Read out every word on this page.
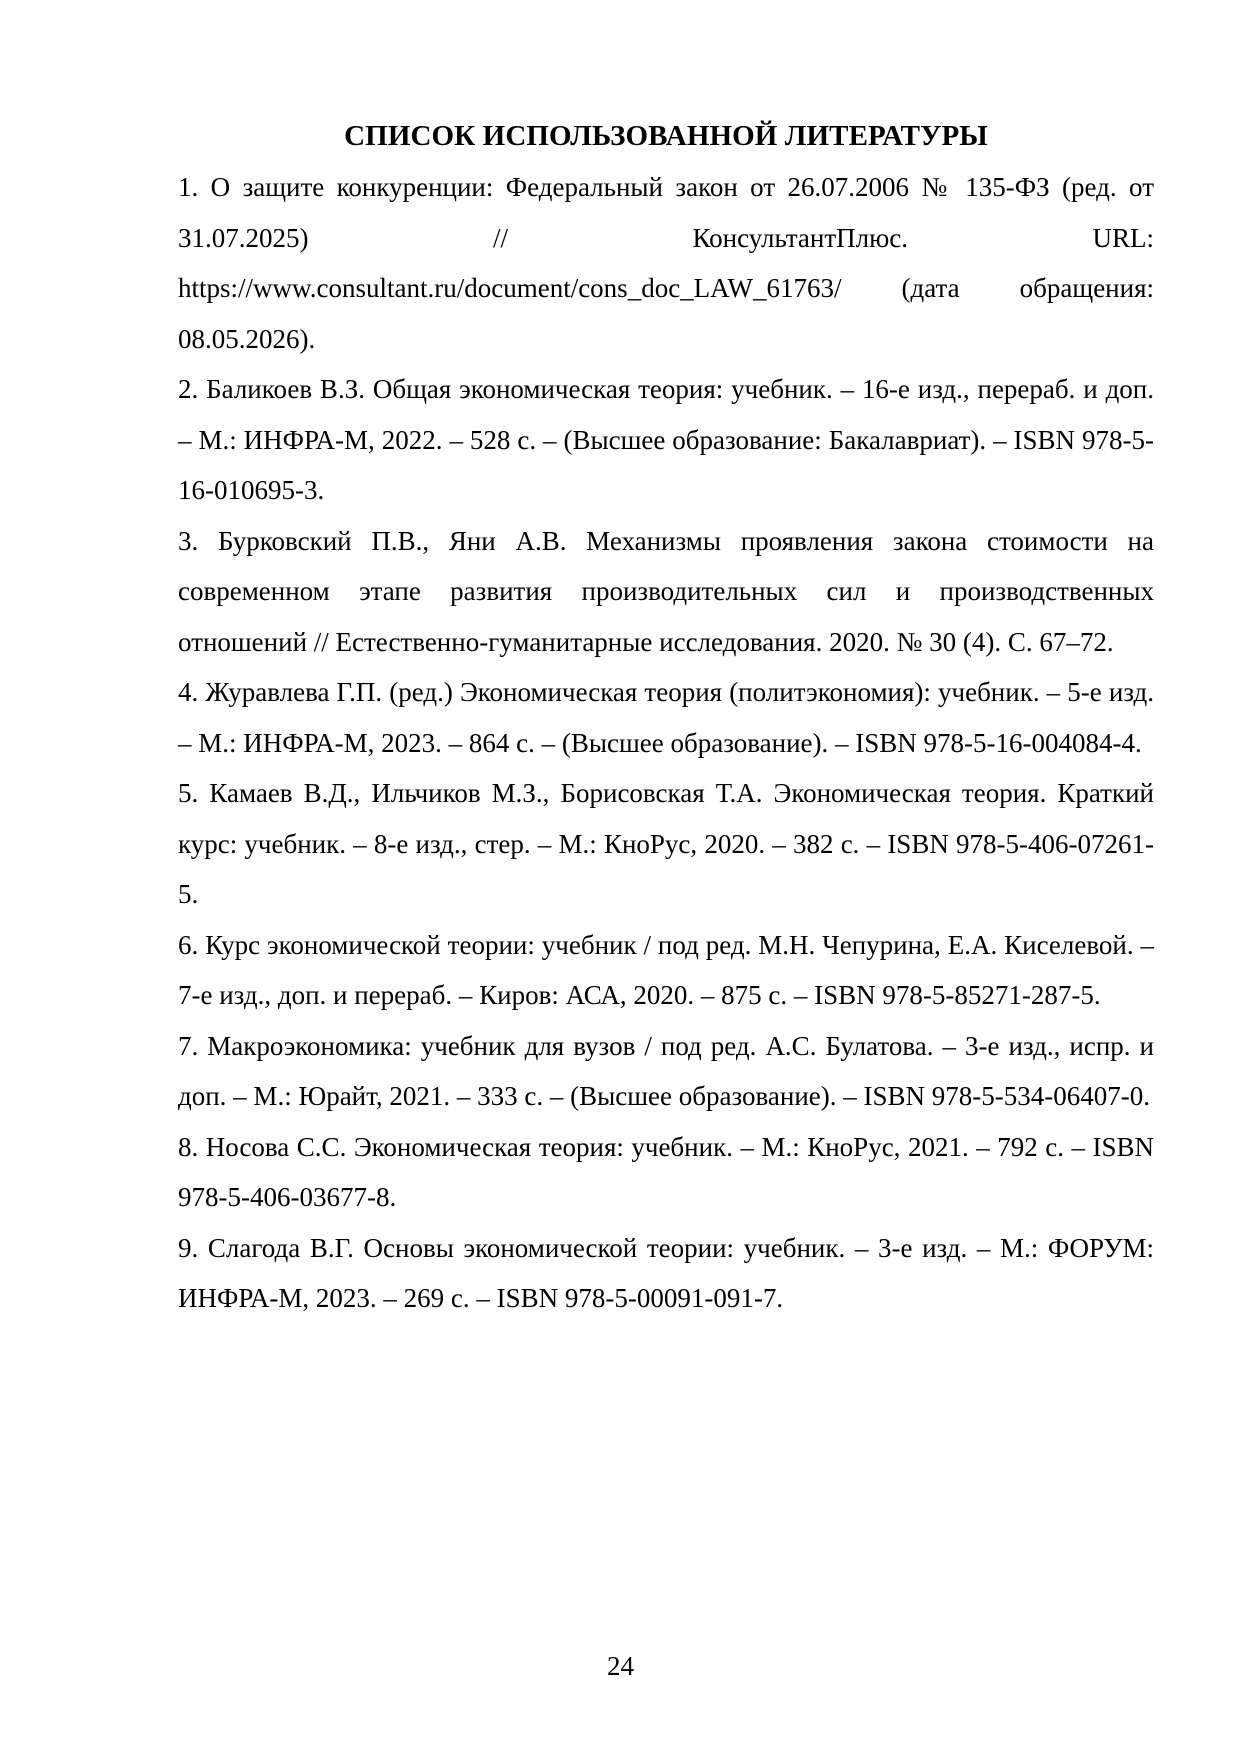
СПИСОК ИСПОЛЬЗОВАННОЙ ЛИТЕРАТУРЫ
1. О защите конкуренции: Федеральный закон от 26.07.2006 № 135-ФЗ (ред. от 31.07.2025) // КонсультантПлюс. URL: https://www.consultant.ru/document/cons_doc_LAW_61763/ (дата обращения: 08.05.2026).
2. Баликоев В.З. Общая экономическая теория: учебник. – 16-е изд., перераб. и доп. – М.: ИНФРА-М, 2022. – 528 с. – (Высшее образование: Бакалавриат). – ISBN 978-5-16-010695-3.
3. Бурковский П.В., Яни А.В. Механизмы проявления закона стоимости на современном этапе развития производительных сил и производственных отношений // Естественно-гуманитарные исследования. 2020. № 30 (4). С. 67–72.
4. Журавлева Г.П. (ред.) Экономическая теория (политэкономия): учебник. – 5-е изд. – М.: ИНФРА-М, 2023. – 864 с. – (Высшее образование). – ISBN 978-5-16-004084-4.
5. Камаев В.Д., Ильчиков М.З., Борисовская Т.А. Экономическая теория. Краткий курс: учебник. – 8-е изд., стер. – М.: КноРус, 2020. – 382 с. – ISBN 978-5-406-07261-5.
6. Курс экономической теории: учебник / под ред. М.Н. Чепурина, Е.А. Киселевой. – 7-е изд., доп. и перераб. – Киров: АСА, 2020. – 875 с. – ISBN 978-5-85271-287-5.
7. Макроэкономика: учебник для вузов / под ред. А.С. Булатова. – 3-е изд., испр. и доп. – М.: Юрайт, 2021. – 333 с. – (Высшее образование). – ISBN 978-5-534-06407-0.
8. Носова С.С. Экономическая теория: учебник. – М.: КноРус, 2021. – 792 с. – ISBN 978-5-406-03677-8.
9. Слагода В.Г. Основы экономической теории: учебник. – 3-е изд. – М.: ФОРУМ: ИНФРА-М, 2023. – 269 с. – ISBN 978-5-00091-091-7.
24
